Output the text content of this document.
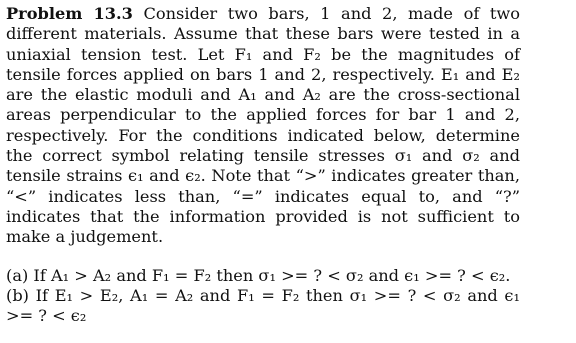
Problem 13.3 Consider two bars, 1 and 2, made of two different materials. Assume that these bars were tested in a uniaxial tension test. Let F₁ and F₂ be the magnitudes of tensile forces applied on bars 1 and 2, respectively. E₁ and E₂ are the elastic moduli and A₁ and A₂ are the cross-sectional areas perpendicular to the applied forces for bar 1 and 2, respectively. For the conditions indicated below, determine the correct symbol relating tensile stresses σ₁ and σ₂ and tensile strains ϵ₁ and ϵ₂. Note that “>” indicates greater than, “<” indicates less than, “=” indicates equal to, and “?” indicates that the information provided is not sufficient to make a judgement.

(a) If A₁ > A₂ and F₁ = F₂ then σ₁ >= ? < σ₂ and ϵ₁ >= ? < ϵ₂.

(b) If E₁ > E₂, A₁ = A₂ and F₁ = F₂ then σ₁ >= ? < σ₂ and ϵ₁ >= ? < ϵ₂
